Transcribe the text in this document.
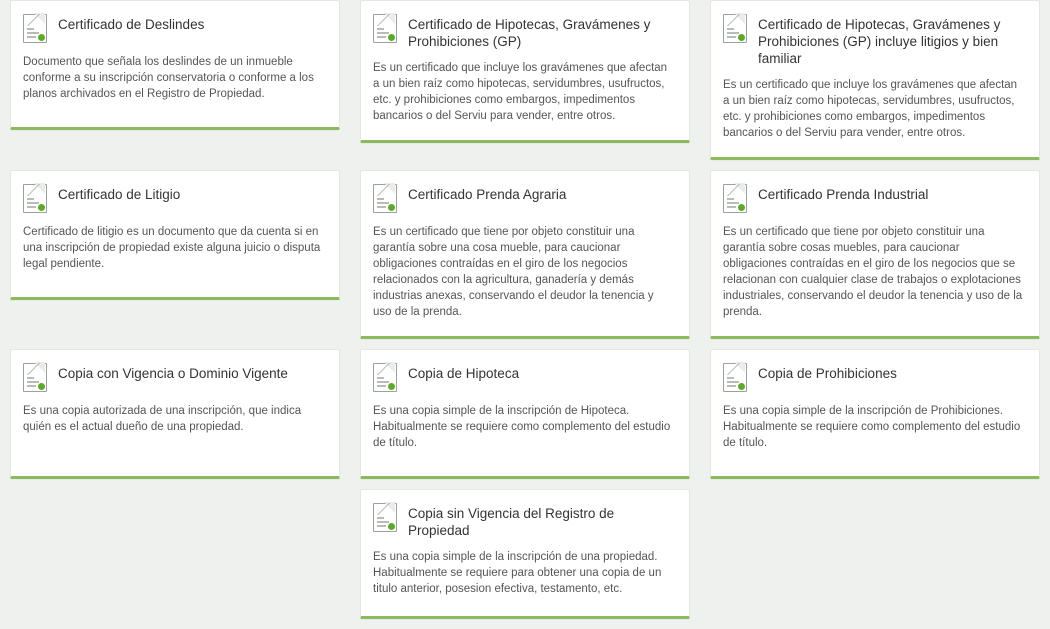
Certificado de Deslindes

Documento que señala los deslindes de un inmueble conforme a su inscripción conservatoria o conforme a los planos archivados en el Registro de Propiedad.

Certificado de Hipotecas, Gravámenes y Prohibiciones (GP)

Es un certificado que incluye los gravámenes que afectan a un bien raíz como hipotecas, servidumbres, usufructos, etc. y prohibiciones como embargos, impedimentos bancarios o del Serviu para vender, entre otros.

Certificado de Hipotecas, Gravámenes y Prohibiciones (GP) incluye litigios y bien familiar

Es un certificado que incluye los gravámenes que afectan a un bien raíz como hipotecas, servidumbres, usufructos, etc. y prohibiciones como embargos, impedimentos bancarios o del Serviu para vender, entre otros.

Certificado de Litigio

Certificado de litigio es un documento que da cuenta si en una inscripción de propiedad existe alguna juicio o disputa legal pendiente.

Certificado Prenda Agraria

Es un certificado que tiene por objeto constituir una garantía sobre una cosa mueble, para caucionar obligaciones contraídas en el giro de los negocios relacionados con la agricultura, ganadería y demás industrias anexas, conservando el deudor la tenencia y uso de la prenda.

Certificado Prenda Industrial

Es un certificado que tiene por objeto constituir una garantía sobre cosas muebles, para caucionar obligaciones contraídas en el giro de los negocios que se relacionan con cualquier clase de trabajos o explotaciones industriales, conservando el deudor la tenencia y uso de la prenda.

Copia con Vigencia o Dominio Vigente

Es una copia autorizada de una inscripción, que indica quién es el actual dueño de una propiedad.

Copia de Hipoteca

Es una copia simple de la inscripción de Hipoteca. Habitualmente se requiere como complemento del estudio de título.

Copia de Prohibiciones

Es una copia simple de la inscripción de Prohibiciones. Habitualmente se requiere como complemento del estudio de título.

Copia sin Vigencia del Registro de Propiedad

Es una copia simple de la inscripción de una propiedad. Habitualmente se requiere para obtener una copia de un titulo anterior, posesion efectiva, testamento, etc.
